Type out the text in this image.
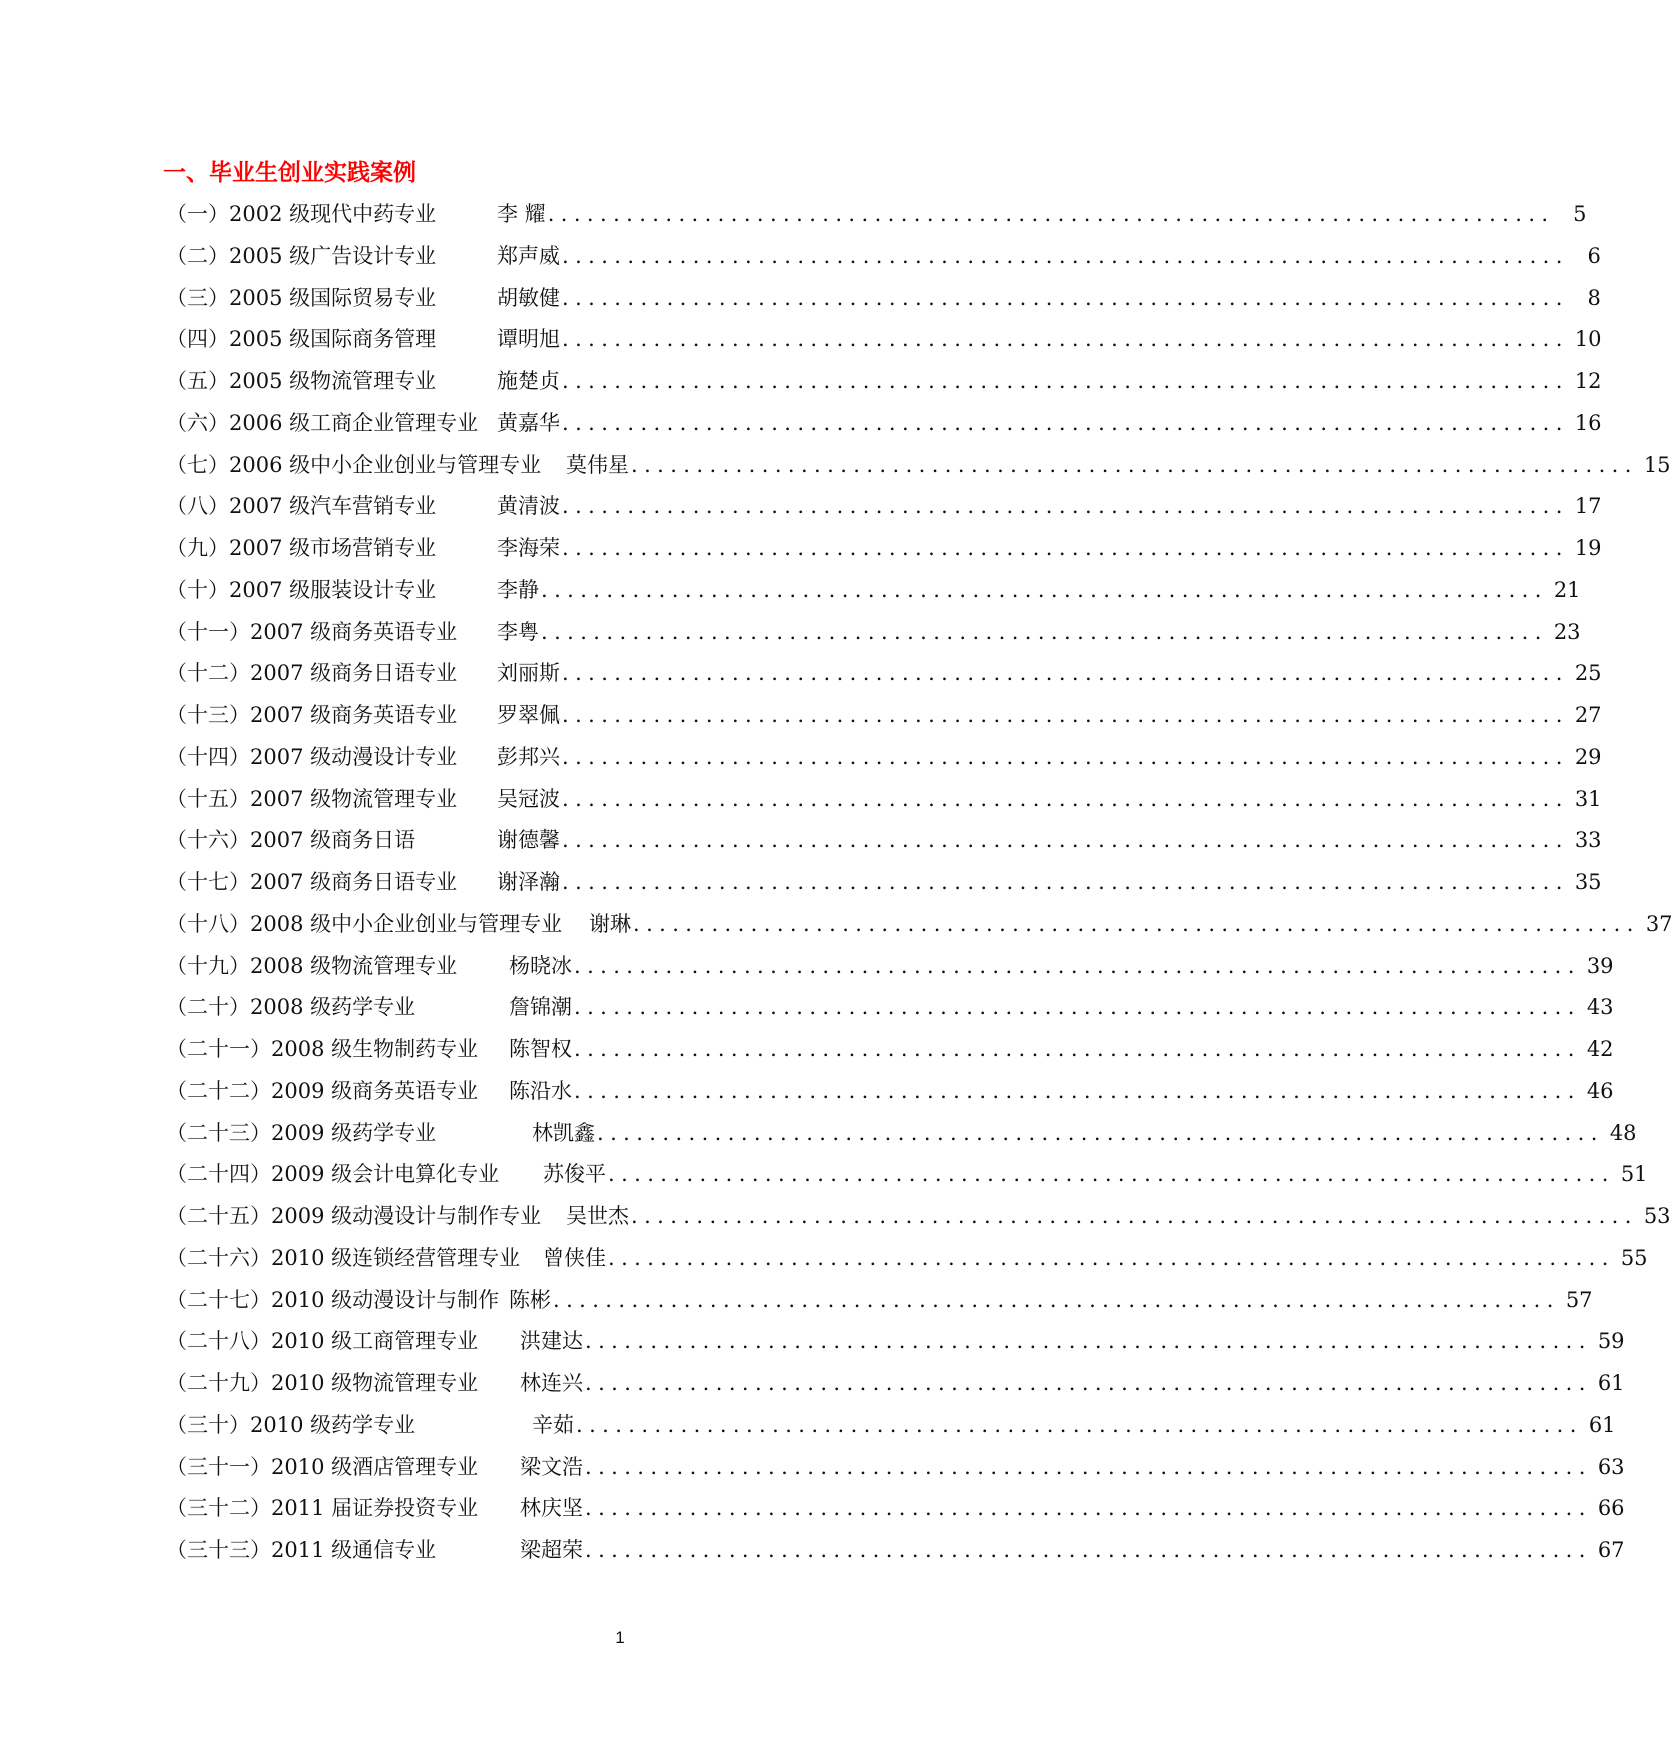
一、毕业生创业实践案例
（一）2002 级现代中药专业	李 耀 ............................................................................. 5
（二）2005 级广告设计专业	郑声威 ............................................................................. 6
（三）2005 级国际贸易专业	胡敏健 ............................................................................. 8
（四）2005 级国际商务管理	谭明旭 ............................................................................. 10
（五）2005 级物流管理专业	施楚贞 ............................................................................. 12
（六）2006 级工商企业管理专业 黄嘉华 ............................................................................. 16
（七）2006 级中小企业创业与管理专业 莫伟星 ............................................................................. 15
（八）2007 级汽车营销专业	黄清波 ............................................................................. 17
（九）2007 级市场营销专业	李海荣 ............................................................................. 19
（十）2007 级服装设计专业	李静 ............................................................................. 21
（十一）2007 级商务英语专业 李粤 ............................................................................. 23
（十二）2007 级商务日语专业 刘丽斯 ............................................................................. 25
（十三）2007 级商务英语专业 罗翠佩 ............................................................................. 27
（十四）2007 级动漫设计专业 彭邦兴 ............................................................................. 29
（十五）2007 级物流管理专业 吴冠波 ............................................................................. 31
（十六）2007 级商务日语	谢德馨 ............................................................................. 33
（十七）2007 级商务日语专业 谢泽瀚 ............................................................................. 35
（十八）2008 级中小企业创业与管理专业 谢琳 ............................................................................. 37
（十九）2008 级物流管理专业 杨晓冰 ............................................................................. 39
（二十）2008 级药学专业	詹锦潮 ............................................................................. 43
（二十一）2008 级生物制药专业 陈智权 ............................................................................. 42
（二十二）2009 级商务英语专业 陈沿水 ............................................................................. 46
（二十三）2009 级药学专业	林凯鑫 ............................................................................. 48
（二十四）2009 级会计电算化专业 苏俊平 ............................................................................. 51
（二十五）2009 级动漫设计与制作专业 吴世杰 ............................................................................. 53
（二十六）2010 级连锁经营管理专业 曾侠佳 ............................................................................. 55
（二十七）2010 级动漫设计与制作 陈彬 ............................................................................. 57
（二十八）2010 级工商管理专业 洪建达 ............................................................................. 59
（二十九）2010 级物流管理专业 林连兴 ............................................................................. 61
（三十）2010 级药学专业	辛茹 ............................................................................. 61
（三十一）2010 级酒店管理专业 梁文浩 ............................................................................. 63
（三十二）2011 届证券投资专业 林庆坚 ............................................................................. 66
（三十三）2011 级通信专业	梁超荣 ............................................................................. 67
1
